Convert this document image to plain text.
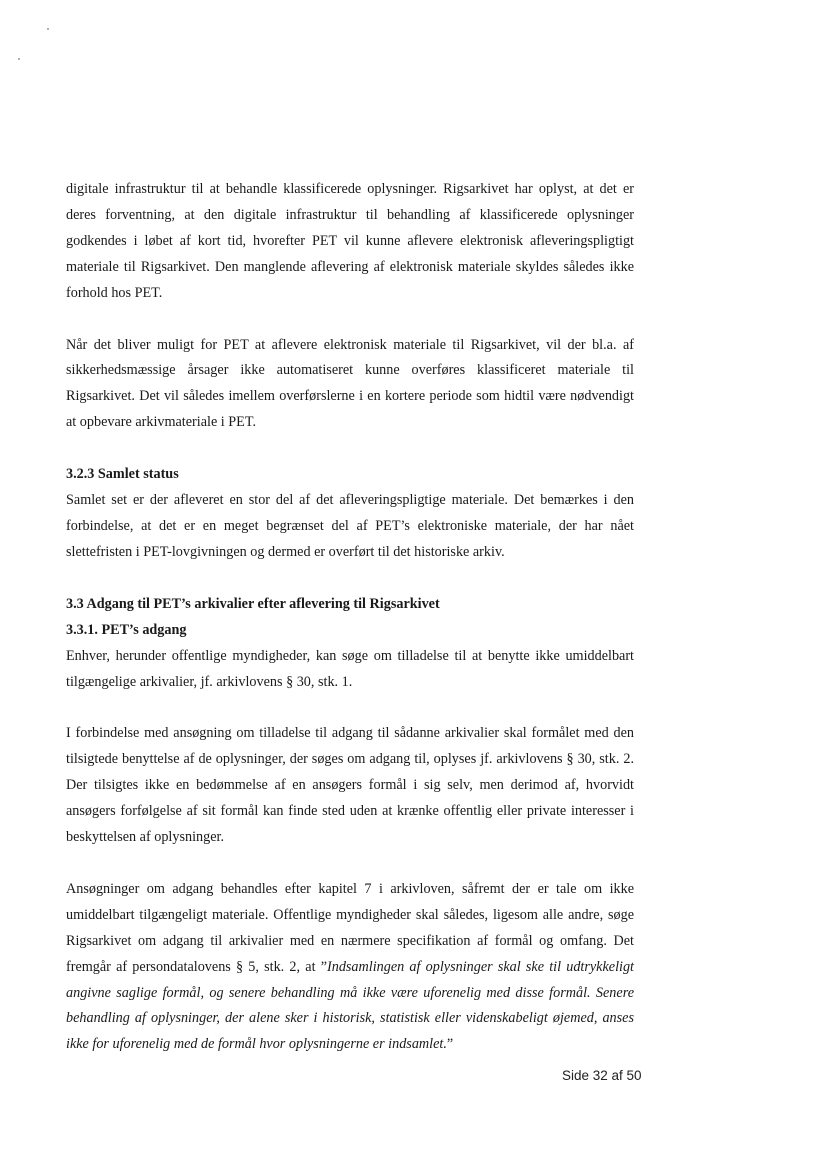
digitale infrastruktur til at behandle klassificerede oplysninger. Rigsarkivet har oplyst, at det er deres forventning, at den digitale infrastruktur til behandling af klassificerede oplysninger godkendes i løbet af kort tid, hvorefter PET vil kunne aflevere elektronisk afleveringspligtigt materiale til Rigsarkivet. Den manglende aflevering af elektronisk materiale skyldes således ikke forhold hos PET.

Når det bliver muligt for PET at aflevere elektronisk materiale til Rigsarkivet, vil der bl.a. af sikkerhedsmæssige årsager ikke automatiseret kunne overføres klassificeret materiale til Rigsarkivet. Det vil således imellem overførslerne i en kortere periode som hidtil være nødvendigt at opbevare arkivmateriale i PET.

3.2.3 Samlet status

Samlet set er der afleveret en stor del af det afleveringspligtige materiale. Det bemærkes i den forbindelse, at det er en meget begrænset del af PET’s elektroniske materiale, der har nået slettefristen i PET-lovgivningen og dermed er overført til det historiske arkiv.

3.3 Adgang til PET’s arkivalier efter aflevering til Rigsarkivet

3.3.1. PET’s adgang

Enhver, herunder offentlige myndigheder, kan søge om tilladelse til at benytte ikke umiddelbart tilgængelige arkivalier, jf. arkivlovens § 30, stk. 1.

I forbindelse med ansøgning om tilladelse til adgang til sådanne arkivalier skal formålet med den tilsigtede benyttelse af de oplysninger, der søges om adgang til, oplyses jf. arkivlovens § 30, stk. 2. Der tilsigtes ikke en bedømmelse af en ansøgers formål i sig selv, men derimod af, hvorvidt ansøgers forfølgelse af sit formål kan finde sted uden at krænke offentlig eller private interesser i beskyttelsen af oplysninger.

Ansøgninger om adgang behandles efter kapitel 7 i arkivloven, såfremt der er tale om ikke umiddelbart tilgængeligt materiale. Offentlige myndigheder skal således, ligesom alle andre, søge Rigsarkivet om adgang til arkivalier med en nærmere specifikation af formål og omfang. Det fremgår af persondatalovens § 5, stk. 2, at ”Indsamlingen af oplysninger skal ske til udtrykkeligt angivne saglige formål, og senere behandling må ikke være uforenelig med disse formål. Senere behandling af oplysninger, der alene sker i historisk, statistisk eller videnskabeligt øjemed, anses ikke for uforenelig med de formål hvor oplysningerne er indsamlet.”

Side 32 af 50
